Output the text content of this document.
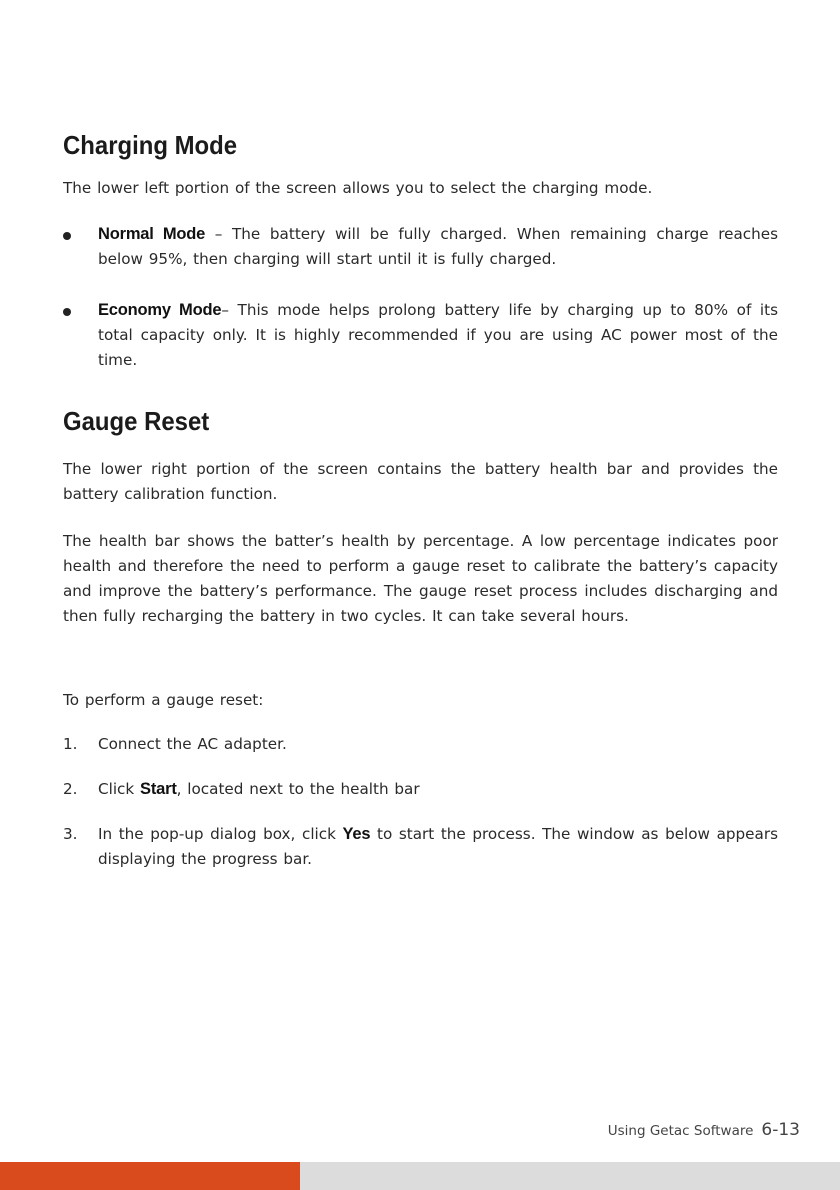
Charging Mode

The lower left portion of the screen allows you to select the charging mode.

Normal Mode – The battery will be fully charged. When remaining charge reaches below 95%, then charging will start until it is fully charged.

Economy Mode– This mode helps prolong battery life by charging up to 80% of its total capacity only. It is highly recommended if you are using AC power most of the time.

Gauge Reset

The lower right portion of the screen contains the battery health bar and provides the battery calibration function.

The health bar shows the batter’s health by percentage. A low percentage indicates poor health and therefore the need to perform a gauge reset to calibrate the battery’s capacity and improve the battery’s performance. The gauge reset process includes discharging and then fully recharging the battery in two cycles. It can take several hours.

To perform a gauge reset:

1. Connect the AC adapter.

2. Click Start, located next to the health bar

3. In the pop-up dialog box, click Yes to start the process. The window as below appears displaying the progress bar.

Using Getac Software 6-13
